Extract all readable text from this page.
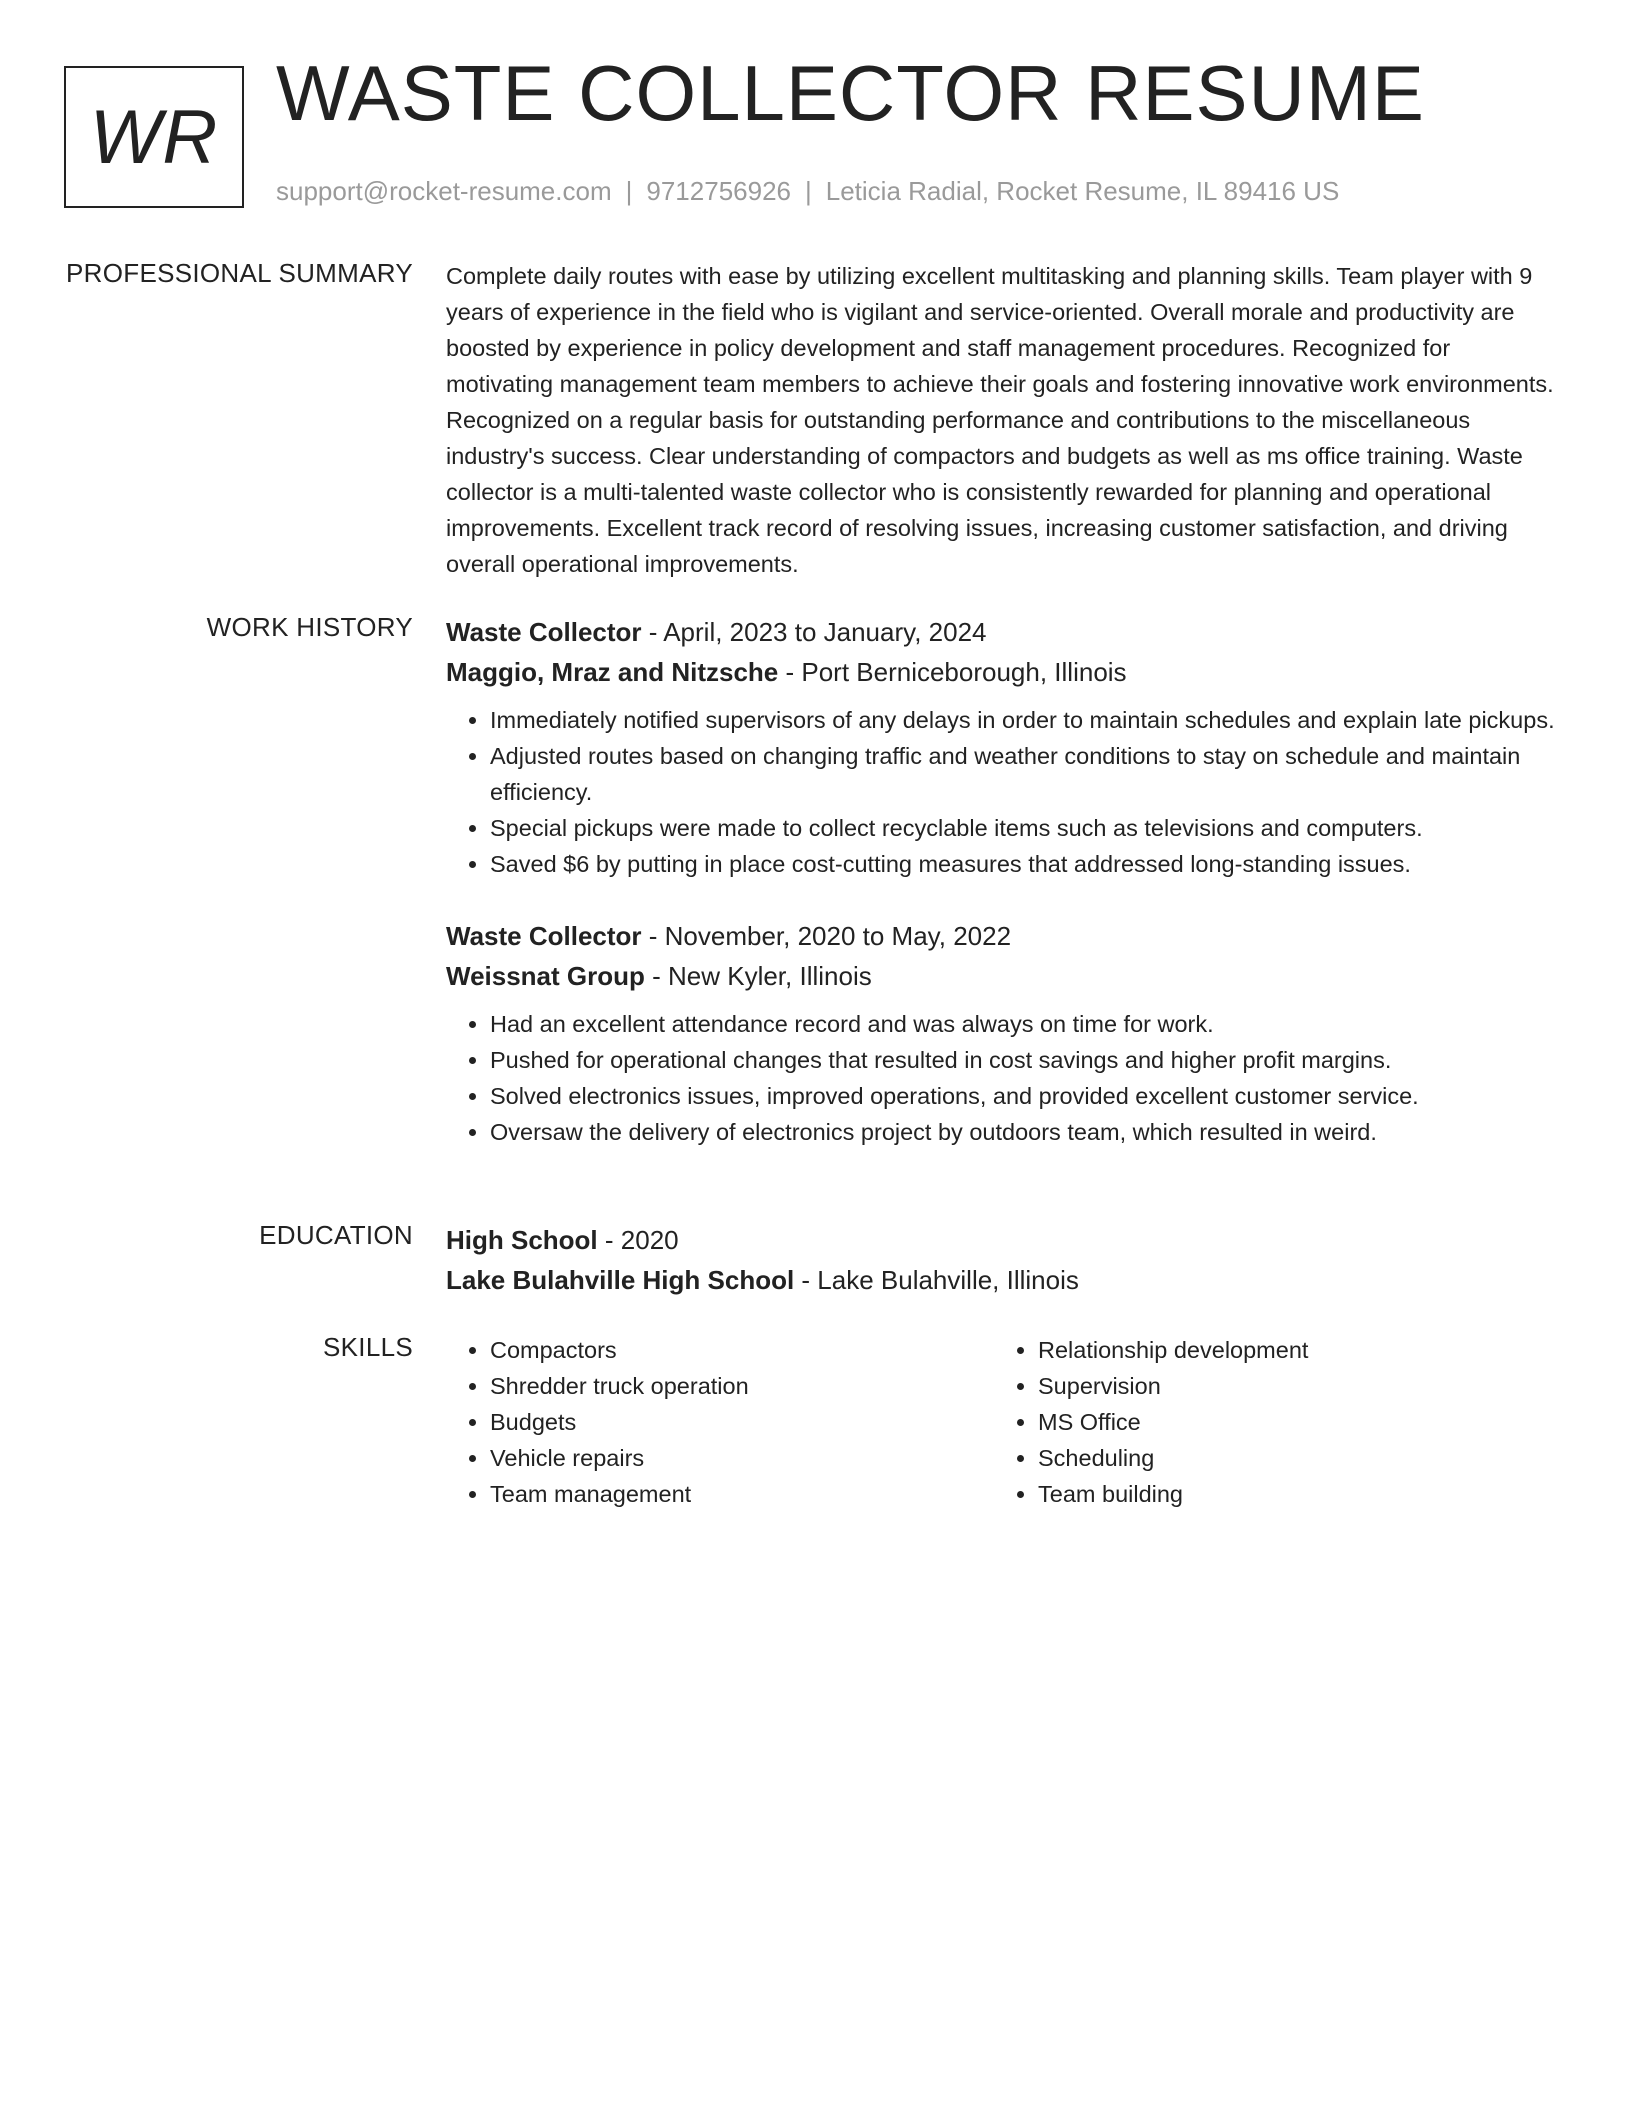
WR WASTE COLLECTOR RESUME
support@rocket-resume.com | 9712756926 | Leticia Radial, Rocket Resume, IL 89416 US
PROFESSIONAL SUMMARY Complete daily routes with ease by utilizing excellent multitasking and planning skills. Team player with 9 years of experience in the field who is vigilant and service-oriented. Overall morale and productivity are boosted by experience in policy development and staff management procedures. Recognized for motivating management team members to achieve their goals and fostering innovative work environments. Recognized on a regular basis for outstanding performance and contributions to the miscellaneous industry's success. Clear understanding of compactors and budgets as well as ms office training. Waste collector is a multi-talented waste collector who is consistently rewarded for planning and operational improvements. Excellent track record of resolving issues, increasing customer satisfaction, and driving overall operational improvements.

WORK HISTORY Waste Collector - April, 2023 to January, 2024

Maggio, Mraz and Nitzsche - Port Berniceborough, Illinois

• Immediately notified supervisors of any delays in order to maintain schedules and explain late pickups.
• Adjusted routes based on changing traffic and weather conditions to stay on schedule and maintain efficiency.
• Special pickups were made to collect recyclable items such as televisions and computers.
• Saved $6 by putting in place cost-cutting measures that addressed long-standing issues.

Waste Collector - November, 2020 to May, 2022

Weissnat Group - New Kyler, Illinois

• Had an excellent attendance record and was always on time for work.
• Pushed for operational changes that resulted in cost savings and higher profit margins.
• Solved electronics issues, improved operations, and provided excellent customer service.
• Oversaw the delivery of electronics project by outdoors team, which resulted in weird.
EDUCATION High School - 2020

Lake Bulahville High School - Lake Bulahville, Illinois

SKILLS
•	Compactors
• Shredder truck operation
• Budgets
• Vehicle repairs
• Team management
• Relationship development
• Supervision
• MS Office
• Scheduling
• Team building
